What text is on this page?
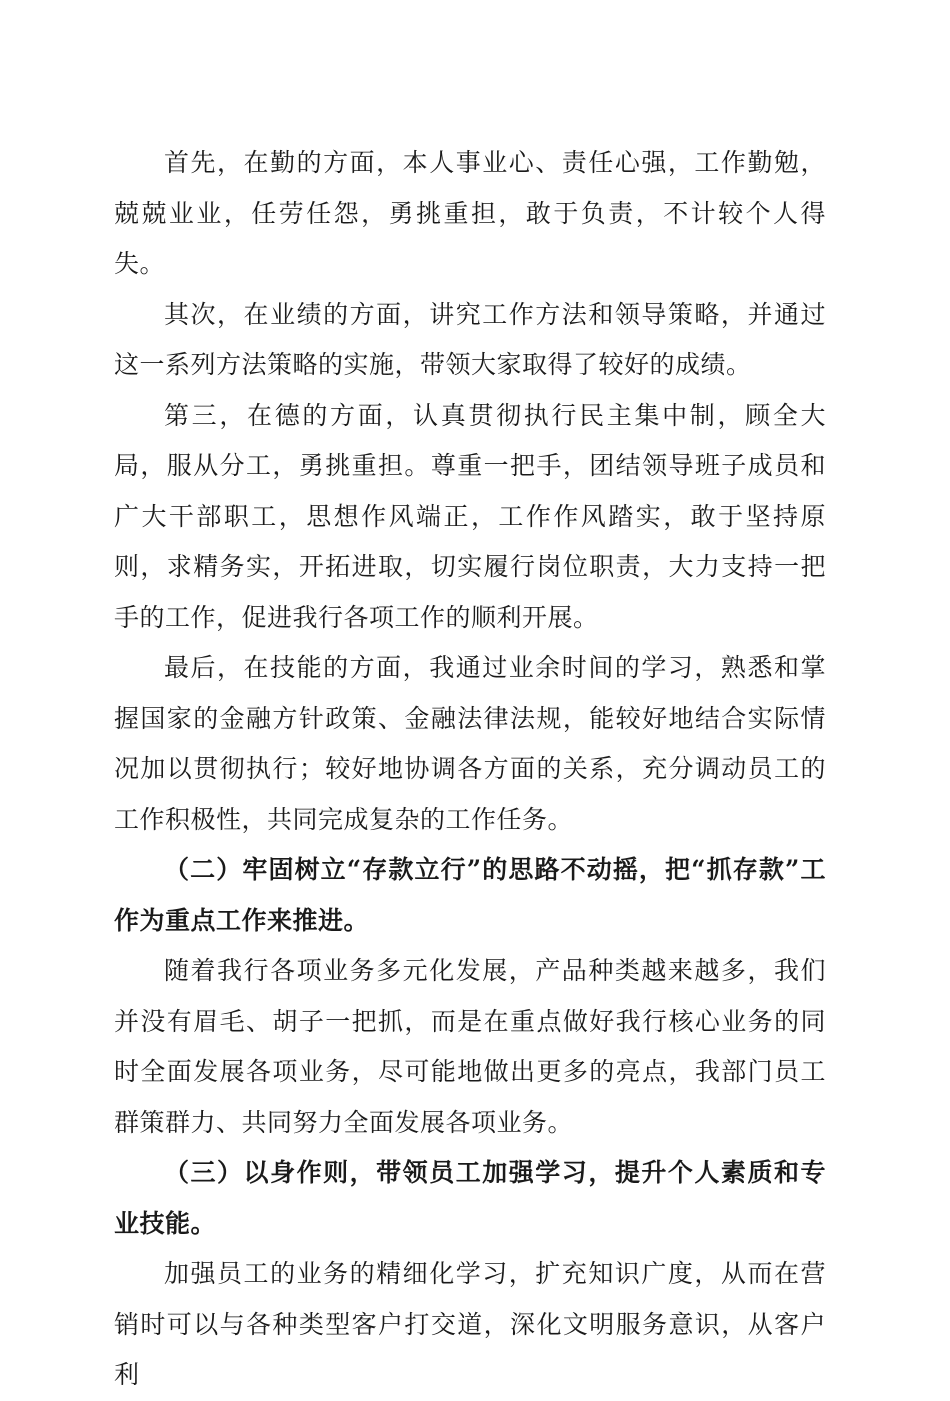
首先，在勤的方面，本人事业心、责任心强，工作勤勉，兢兢业业，任劳任怨，勇挑重担，敢于负责，不计较个人得失。

其次，在业绩的方面，讲究工作方法和领导策略，并通过这一系列方法策略的实施，带领大家取得了较好的成绩。

第三，在德的方面，认真贯彻执行民主集中制，顾全大局，服从分工，勇挑重担。尊重一把手，团结领导班子成员和广大干部职工，思想作风端正，工作作风踏实，敢于坚持原则，求精务实，开拓进取，切实履行岗位职责，大力支持一把手的工作，促进我行各项工作的顺利开展。

最后，在技能的方面，我通过业余时间的学习，熟悉和掌握国家的金融方针政策、金融法律法规，能较好地结合实际情况加以贯彻执行；较好地协调各方面的关系，充分调动员工的工作积极性，共同完成复杂的工作任务。

（二）牢固树立“存款立行”的思路不动摇，把“抓存款”工作为重点工作来推进。

随着我行各项业务多元化发展，产品种类越来越多，我们并没有眉毛、胡子一把抓，而是在重点做好我行核心业务的同时全面发展各项业务，尽可能地做出更多的亮点，我部门员工群策群力、共同努力全面发展各项业务。

（三）以身作则，带领员工加强学习，提升个人素质和专业技能。

加强员工的业务的精细化学习，扩充知识广度，从而在营销时可以与各种类型客户打交道，深化文明服务意识，从客户利
